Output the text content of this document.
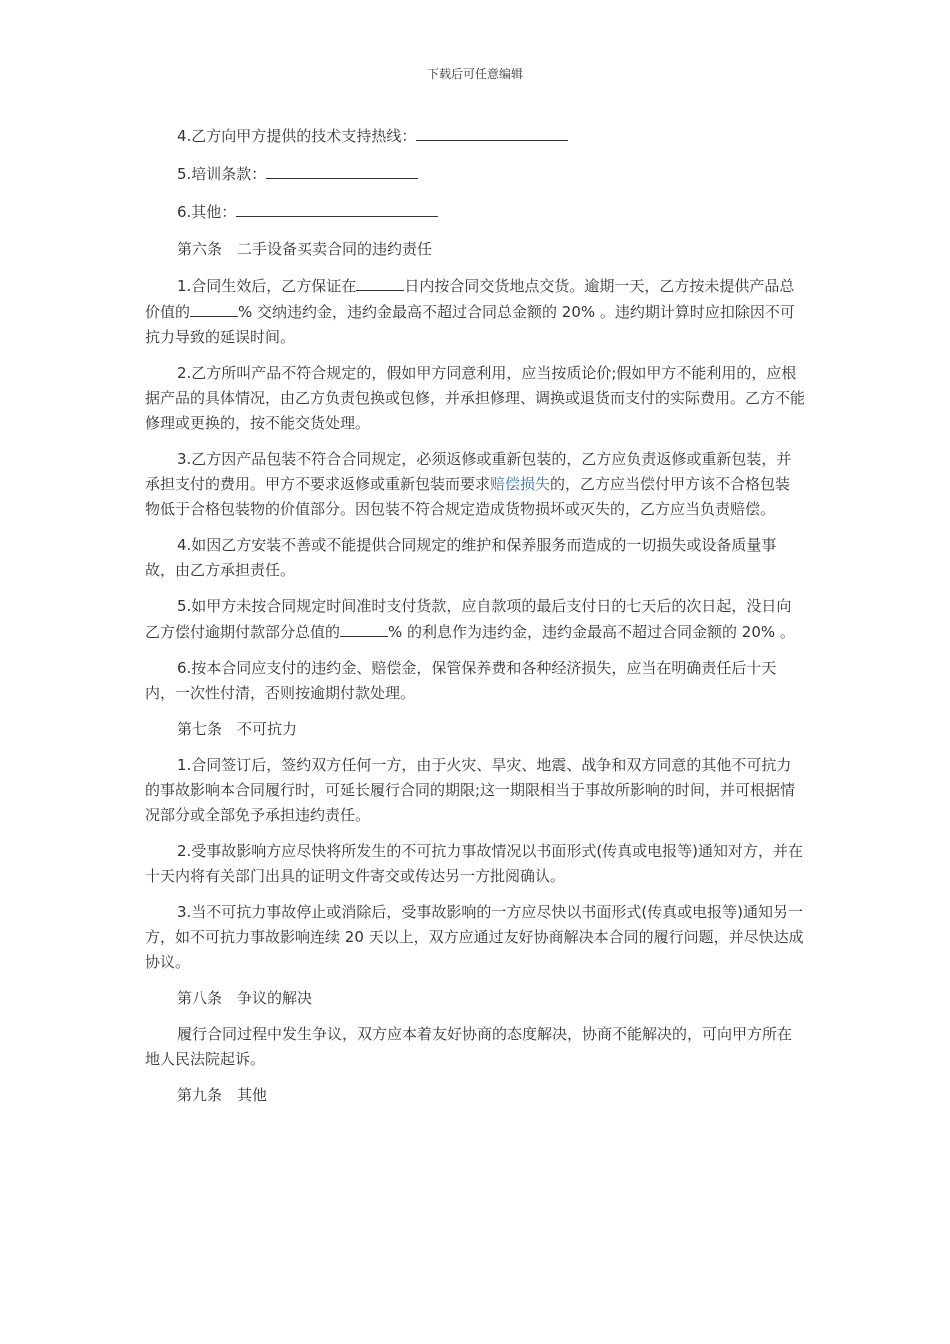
下载后可任意编辑

4.乙方向甲方提供的技术支持热线：

5.培训条款：

6.其他：

第六条　二手设备买卖合同的违约责任

1.合同生效后，乙方保证在	日内按合同交货地点交货。逾期一天，乙方按未提供产品总价值的	% 交纳违约金，违约金最高不超过合同总金额的 20% 。违约期计算时应扣除因不可抗力导致的延误时间。

2.乙方所叫产品不符合规定的，假如甲方同意利用，应当按质论价;假如甲方不能利用的，应根据产品的具体情况，由乙方负责包换或包修，并承担修理、调换或退货而支付的实际费用。乙方不能修理或更换的，按不能交货处理。

3.乙方因产品包装不符合合同规定，必须返修或重新包装的，乙方应负责返修或重新包装，并承担支付的费用。甲方不要求返修或重新包装而要求赔偿损失的，乙方应当偿付甲方该不合格包装物低于合格包装物的价值部分。因包装不符合规定造成货物损坏或灭失的，乙方应当负责赔偿。

4.如因乙方安装不善或不能提供合同规定的维护和保养服务而造成的一切损失或设备质量事故，由乙方承担责任。

5.如甲方未按合同规定时间准时支付货款，应自款项的最后支付日的七天后的次日起，没日向乙方偿付逾期付款部分总值的	% 的利息作为违约金，违约金最高不超过合同金额的 20% 。

6.按本合同应支付的违约金、赔偿金，保管保养费和各种经济损失，应当在明确责任后十天内，一次性付清，否则按逾期付款处理。

第七条　不可抗力

1.合同签订后，签约双方任何一方，由于火灾、旱灾、地震、战争和双方同意的其他不可抗力的事故影响本合同履行时，可延长履行合同的期限;这一期限相当于事故所影响的时间，并可根据情况部分或全部免予承担违约责任。

2.受事故影响方应尽快将所发生的不可抗力事故情况以书面形式(传真或电报等)通知对方，并在十天内将有关部门出具的证明文件寄交或传达另一方批阅确认。

3.当不可抗力事故停止或消除后，受事故影响的一方应尽快以书面形式(传真或电报等)通知另一方，如不可抗力事故影响连续 20 天以上，双方应通过友好协商解决本合同的履行问题，并尽快达成协议。

第八条　争议的解决

履行合同过程中发生争议，双方应本着友好协商的态度解决，协商不能解决的，可向甲方所在地人民法院起诉。

第九条　其他
